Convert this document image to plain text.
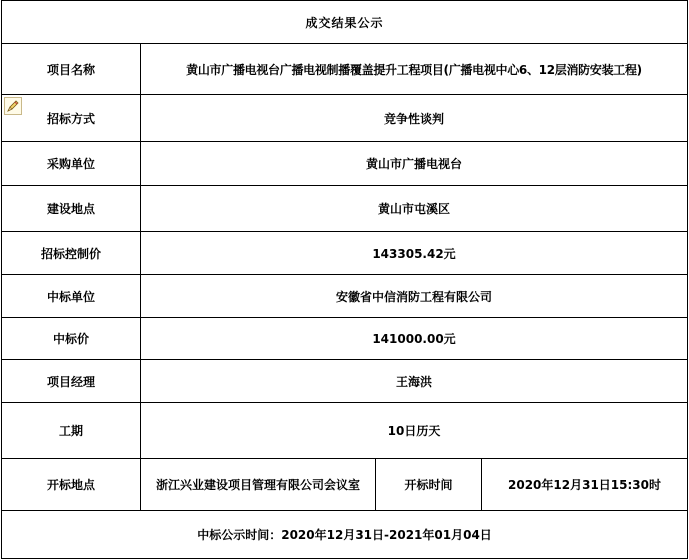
成交结果公示			
项目名称	黄山市广播电视台广播电视制播覆盖提升工程项目(广播电视中心6、12层消防安装工程)		
招标方式	竞争性谈判		
采购单位	黄山市广播电视台		
建设地点	黄山市屯溪区		
招标控制价	143305.42元		
中标单位	安徽省中信消防工程有限公司		
中标价	141000.00元		
项目经理	王海洪		
工期	10日历天		
开标地点	浙江兴业建设项目管理有限公司会议室	开标时间	2020年12月31日15:30时
中标公示时间：2020年12月31日-2021年01月04日			
